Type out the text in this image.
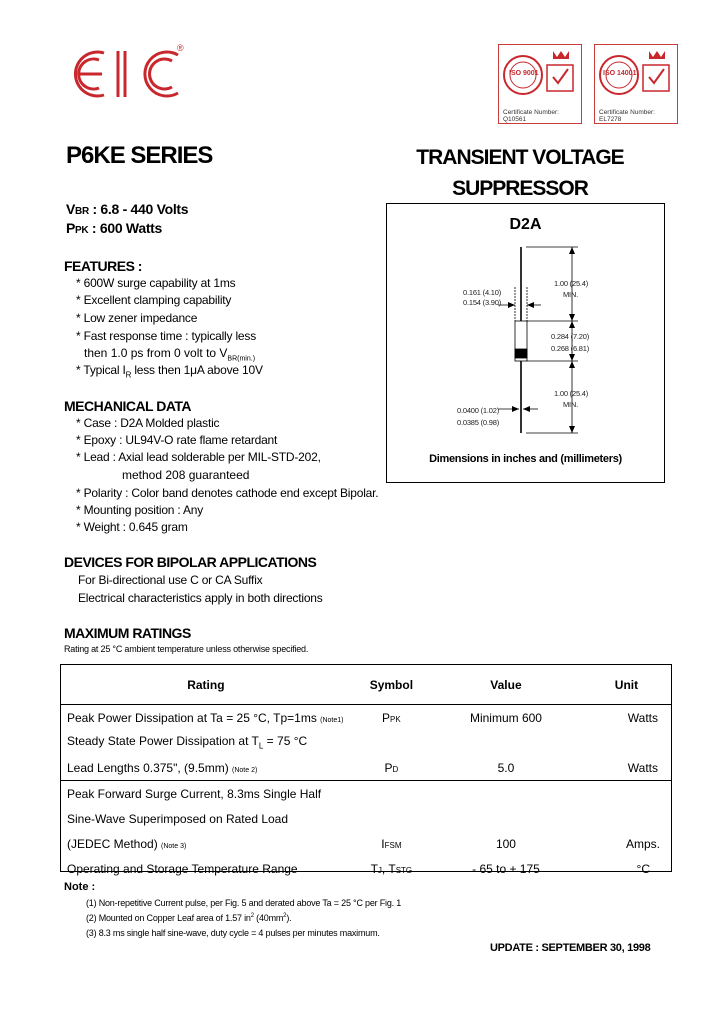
®
ISO 9001
Certificate Number: Q10561
ISO 14001
Certificate Number: EL7278
P6KE SERIES	TRANSIENT VOLTAGE
SUPPRESSOR
VBR : 6.8 - 440 Volts
PPK : 600 Watts
FEATURES :
* 600W surge capability at 1ms
* Excellent clamping capability
* Low zener impedance
* Fast response time : typically less
then 1.0 ps from 0 volt to $V_{BR(min.)}$
* Typical $I_R$ less then 1μA above 10V
MECHANICAL DATA
* Case : D2A Molded plastic
* Epoxy : UL94V-O rate flame retardant
* Lead : Axial lead solderable per MIL-STD-202,
method 208 guaranteed
* Polarity : Color band denotes cathode end except Bipolar.
* Mounting position : Any
* Weight : 0.645 gram
DEVICES FOR BIPOLAR APPLICATIONS
For Bi-directional use C or CA Suffix
Electrical characteristics apply in both directions
D2A
1.00 (25.4)
MIN.
0.161 (4.10)
0.154 (3.90)
0.284 (7.20)
0.268 (6.81)
1.00 (25.4)
MIN.
0.0400 (1.02)
0.0385 (0.98)
Dimensions in inches and (millimeters)
MAXIMUM RATINGS
Rating at 25 °C ambient temperature unless otherwise specified.
Rating	Symbol	Value	Unit
Peak Power Dissipation at Ta = 25 °C, Tp=1ms (Note1)	PPK	Minimum 600	Watts
Steady State Power Dissipation at $T_L = 75$ °C			
Lead Lengths 0.375", (9.5mm) (Note 2)	PD	5.0	Watts
Peak Forward Surge Current, 8.3ms Single Half			
Sine-Wave Superimposed on Rated Load			
(JEDEC Method) (Note 3)	IFSM	100	Amps.
Operating and Storage Temperature Range	TJ, TSTG	- 65 to + 175	°C
Note :
(1) Non-repetitive Current pulse, per Fig. 5 and derated above Ta = 25 °C per Fig. 1
(2) Mounted on Copper Leaf area of 1.57 $in^2$ $(40mm^2)$.
(3) 8.3 ms single half sine-wave, duty cycle = 4 pulses per minutes maximum.
UPDATE : SEPTEMBER 30, 1998
